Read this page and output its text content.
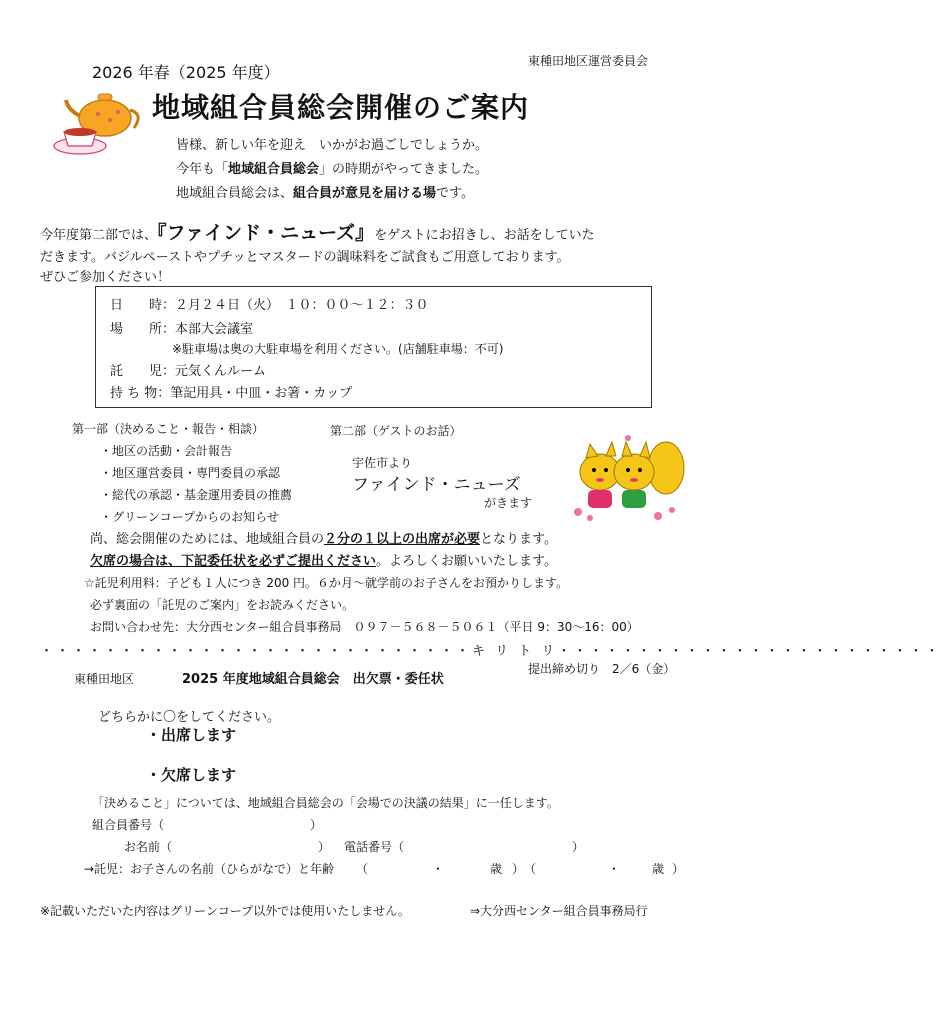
東種田地区運営委員会
2026 年春（2025 年度）
地域組合員総会開催のご案内
皆様、新しい年を迎え　いかがお過ごしでしょうか。
今年も「地域組合員総会」の時期がやってきました。
地域組合員総会は、組合員が意見を届ける場です。
今年度第二部では、『ファインド・ニューズ』をゲストにお招きし、お話をしていた
だきます。バジルペーストやプチッとマスタードの調味料をご試食もご用意しております。
ぜひご参加ください！
日　　時：２月２４日（火）　１０：００～１２：３０
場　　所：本部大会議室
※駐車場は奥の大駐車場を利用ください。(店舗駐車場：不可)
託　　児：元気くんルーム
持 ち 物：筆記用具・中皿・お箸・カップ
第一部（決めること・報告・相談）
・地区の活動・会計報告
・地区運営委員・専門委員の承認
・総代の承認・基金運用委員の推薦
・グリーンコープからのお知らせ
第二部（ゲストのお話）
宇佐市より
ファインド・ニューズ
がきます
尚、総会開催のためには、地域組合員の２分の１以上の出席が必要となります。
欠席の場合は、下記委任状を必ずご提出ください。よろしくお願いいたします。
☆託児利用料：子ども１人につき 200 円。６か月～就学前のお子さんをお預かりします。
必ず裏面の「託児のご案内」をお読みください。
お問い合わせ先：大分西センター組合員事務局　０９７－５６８－５０６１（平日 9：30～16：00）
・・・・・・・・・・・・・・・・・・・・・・・・・・・キ リ ト リ・・・・・・・・・・・・・・・・・・・・・・・・
提出締め切り　2／6（金）
東種田地区	2025 年度地域組合員総会　出欠票・委任状
どちらかに〇をしてください。
・出席します
・欠席します
「決めること」については、地域組合員総会の「会場での決議の結果」に一任します。
組合員番号（	）
お名前（	） 電話番号（	）
→託児：お子さんの名前（ひらがなで）と年齢 （	・	歳 ） （	・	歳 ）
※記載いただいた内容はグリーンコープ以外では使用いたしません。	⇒大分西センター組合員事務局行
